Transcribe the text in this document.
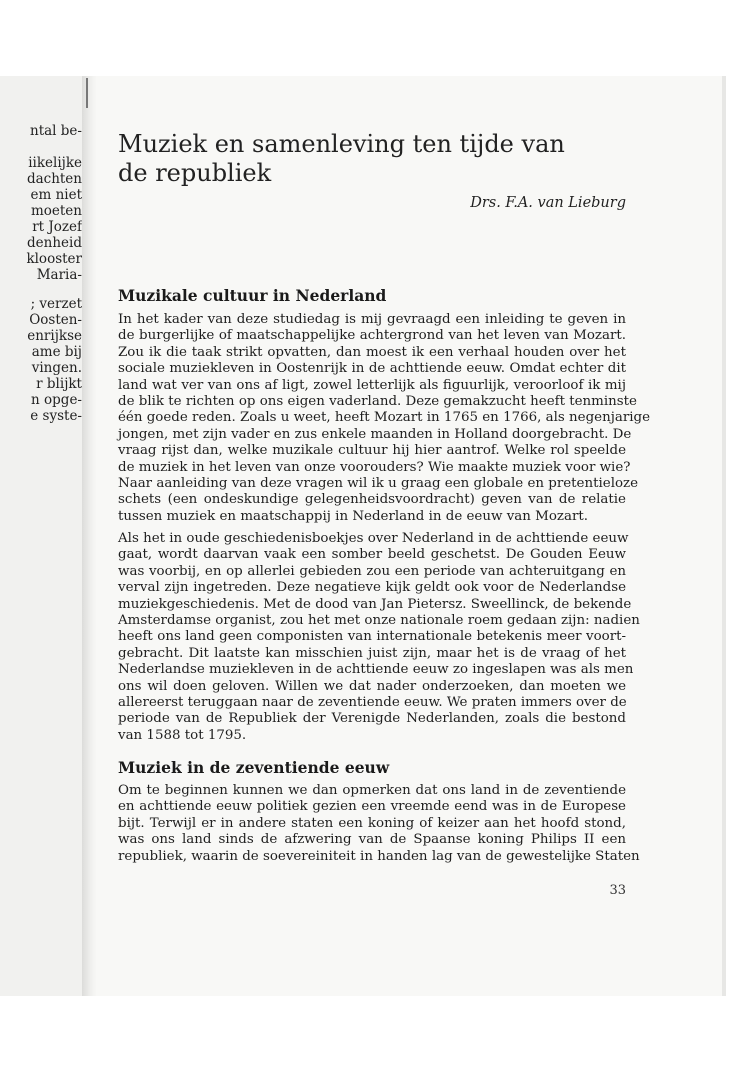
ntal be-
iikelijke
dachten
em niet
moeten
rt Jozef
denheid
klooster
Maria-
; verzet
Oosten-
enrijkse
ame bij
vingen.
r blijkt
n opge-
e syste-
Muziek en samenleving ten tijde van
de republiek
Drs. F.A. van Lieburg
Muzikale cultuur in Nederland
In het kader van deze studiedag is mij gevraagd een inleiding te geven in
de burgerlijke of maatschappelijke achtergrond van het leven van Mozart.
Zou ik die taak strikt opvatten, dan moest ik een verhaal houden over het
sociale muziekleven in Oostenrijk in de achttiende eeuw. Omdat echter dit
land wat ver van ons af ligt, zowel letterlijk als figuurlijk, veroorloof ik mij
de blik te richten op ons eigen vaderland. Deze gemakzucht heeft tenminste
één goede reden. Zoals u weet, heeft Mozart in 1765 en 1766, als negenjarige
jongen, met zijn vader en zus enkele maanden in Holland doorgebracht. De
vraag rijst dan, welke muzikale cultuur hij hier aantrof. Welke rol speelde
de muziek in het leven van onze voorouders? Wie maakte muziek voor wie?
Naar aanleiding van deze vragen wil ik u graag een globale en pretentieloze
schets (een ondeskundige gelegenheidsvoordracht) geven van de relatie
tussen muziek en maatschappij in Nederland in de eeuw van Mozart.
Als het in oude geschiedenisboekjes over Nederland in de achttiende eeuw
gaat, wordt daarvan vaak een somber beeld geschetst. De Gouden Eeuw
was voorbij, en op allerlei gebieden zou een periode van achteruitgang en
verval zijn ingetreden. Deze negatieve kijk geldt ook voor de Nederlandse
muziekgeschiedenis. Met de dood van Jan Pietersz. Sweellinck, de bekende
Amsterdamse organist, zou het met onze nationale roem gedaan zijn: nadien
heeft ons land geen componisten van internationale betekenis meer voort-
gebracht. Dit laatste kan misschien juist zijn, maar het is de vraag of het
Nederlandse muziekleven in de achttiende eeuw zo ingeslapen was als men
ons wil doen geloven. Willen we dat nader onderzoeken, dan moeten we
allereerst teruggaan naar de zeventiende eeuw. We praten immers over de
periode van de Republiek der Verenigde Nederlanden, zoals die bestond
van 1588 tot 1795.
Muziek in de zeventiende eeuw
Om te beginnen kunnen we dan opmerken dat ons land in de zeventiende
en achttiende eeuw politiek gezien een vreemde eend was in de Europese
bijt. Terwijl er in andere staten een koning of keizer aan het hoofd stond,
was ons land sinds de afzwering van de Spaanse koning Philips II een
republiek, waarin de soevereiniteit in handen lag van de gewestelijke Staten
33
